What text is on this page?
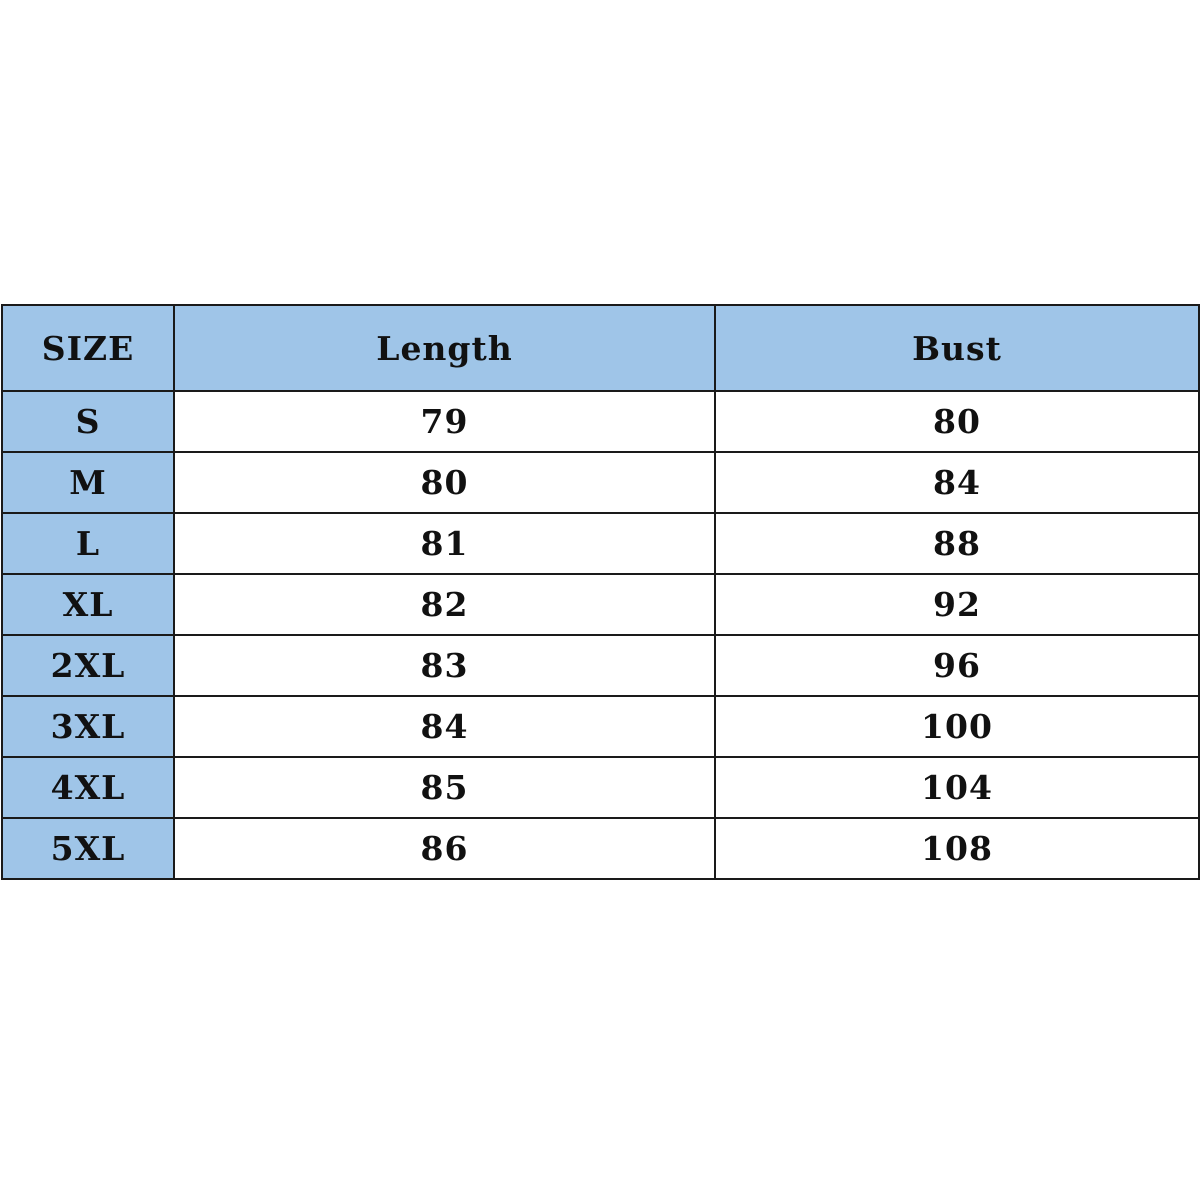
SIZE	Length	Bust
S	79	80
M	80	84
L	81	88
XL	82	92
2XL	83	96
3XL	84	100
4XL	85	104
5XL	86	108
